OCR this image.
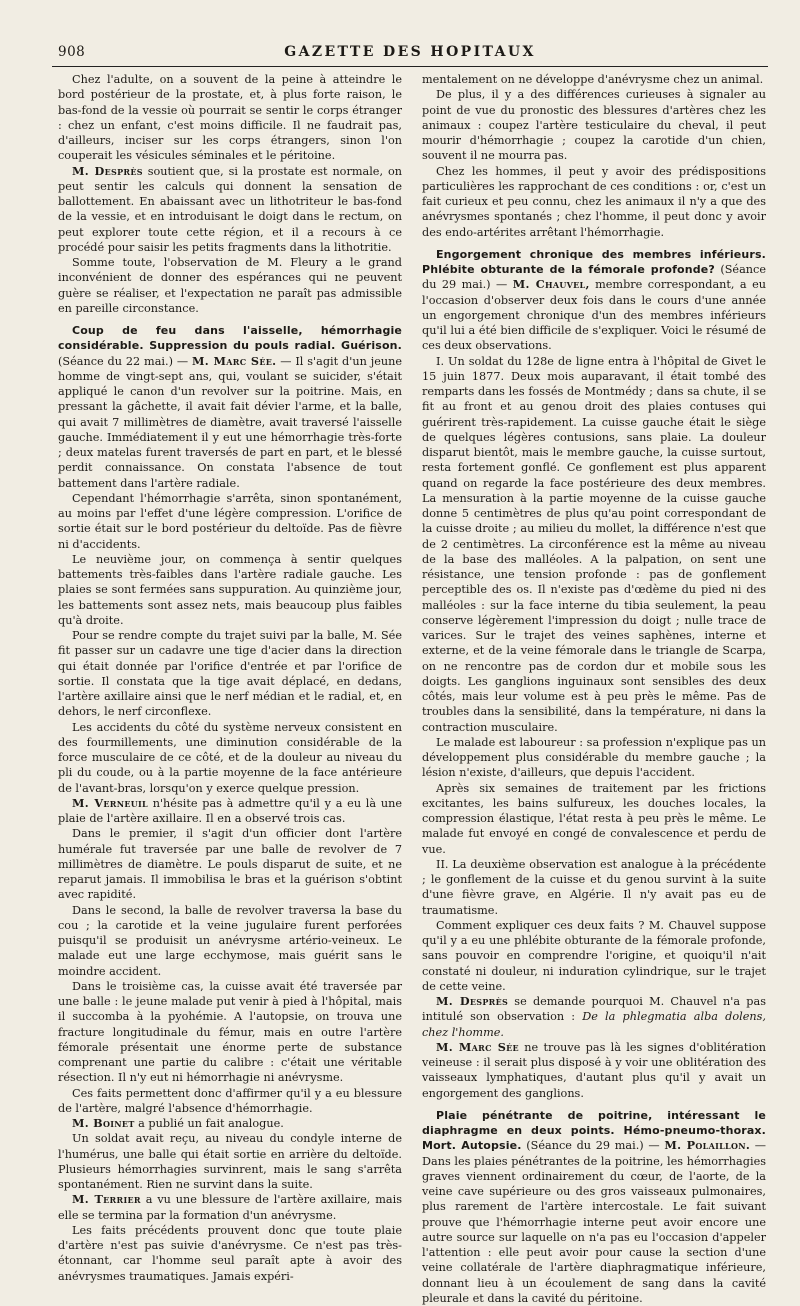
908	GAZETTE DES HOPITAUX

Chez l'adulte, on a souvent de la peine à atteindre le bord postérieur de la prostate, et, à plus forte raison, le bas-fond de la vessie où pourrait se sentir le corps étranger : chez un enfant, c'est moins difficile. Il ne faudrait pas, d'ailleurs, inciser sur les corps étrangers, sinon l'on couperait les vésicules séminales et le péritoine.

M. Desprès soutient que, si la prostate est normale, on peut sentir les calculs qui donnent la sensation de ballottement. En abaissant avec un lithotriteur le bas-fond de la vessie, et en introduisant le doigt dans le rectum, on peut explorer toute cette région, et il a recours à ce procédé pour saisir les petits fragments dans la lithotritie.

Somme toute, l'observation de M. Fleury a le grand inconvénient de donner des espérances qui ne peuvent guère se réaliser, et l'expectation ne paraît pas admissible en pareille circonstance.

Coup de feu dans l'aisselle, hémorrhagie considérable. Suppression du pouls radial. Guérison. (Séance du 22 mai.) — M. Marc Sée. — Il s'agit d'un jeune homme de vingt-sept ans, qui, voulant se suicider, s'était appliqué le canon d'un revolver sur la poitrine. Mais, en pressant la gâchette, il avait fait dévier l'arme, et la balle, qui avait 7 millimètres de diamètre, avait traversé l'aisselle gauche. Immédiatement il y eut une hémorrhagie très-forte ; deux matelas furent traversés de part en part, et le blessé perdit connaissance. On constata l'absence de tout battement dans l'artère radiale.

Cependant l'hémorrhagie s'arrêta, sinon spontanément, au moins par l'effet d'une légère compression. L'orifice de sortie était sur le bord postérieur du deltoïde. Pas de fièvre ni d'accidents.

Le neuvième jour, on commença à sentir quelques battements très-faibles dans l'artère radiale gauche. Les plaies se sont fermées sans suppuration. Au quinzième jour, les battements sont assez nets, mais beaucoup plus faibles qu'à droite.

Pour se rendre compte du trajet suivi par la balle, M. Sée fit passer sur un cadavre une tige d'acier dans la direction qui était donnée par l'orifice d'entrée et par l'orifice de sortie. Il constata que la tige avait déplacé, en dedans, l'artère axillaire ainsi que le nerf médian et le radial, et, en dehors, le nerf circonflexe.

Les accidents du côté du système nerveux consistent en des fourmillements, une diminution considérable de la force musculaire de ce côté, et de la douleur au niveau du pli du coude, ou à la partie moyenne de la face antérieure de l'avant-bras, lorsqu'on y exerce quelque pression.

M. Verneuil n'hésite pas à admettre qu'il y a eu là une plaie de l'artère axillaire. Il en a observé trois cas.

Dans le premier, il s'agit d'un officier dont l'artère humérale fut traversée par une balle de revolver de 7 millimètres de diamètre. Le pouls disparut de suite, et ne reparut jamais. Il immobilisa le bras et la guérison s'obtint avec rapidité.

Dans le second, la balle de revolver traversa la base du cou ; la carotide et la veine jugulaire furent perforées puisqu'il se produisit un anévrysme artério-veineux. Le malade eut une large ecchymose, mais guérit sans le moindre accident.

Dans le troisième cas, la cuisse avait été traversée par une balle : le jeune malade put venir à pied à l'hôpital, mais il succomba à la pyohémie. A l'autopsie, on trouva une fracture longitudinale du fémur, mais en outre l'artère fémorale présentait une énorme perte de substance comprenant une partie du calibre : c'était une véritable résection. Il n'y eut ni hémorrhagie ni anévrysme.

Ces faits permettent donc d'affirmer qu'il y a eu blessure de l'artère, malgré l'absence d'hémorrhagie.

M. Boinet a publié un fait analogue.

Un soldat avait reçu, au niveau du condyle interne de l'humérus, une balle qui était sortie en arrière du deltoïde. Plusieurs hémorrhagies survinrent, mais le sang s'arrêta spontanément. Rien ne survint dans la suite.

M. Terrier a vu une blessure de l'artère axillaire, mais elle se termina par la formation d'un anévrysme.

Les faits précédents prouvent donc que toute plaie d'artère n'est pas suivie d'anévrysme. Ce n'est pas très-étonnant, car l'homme seul paraît apte à avoir des anévrysmes traumatiques. Jamais expéri-

mentalement on ne développe d'anévrysme chez un animal.

De plus, il y a des différences curieuses à signaler au point de vue du pronostic des blessures d'artères chez les animaux : coupez l'artère testiculaire du cheval, il peut mourir d'hémorrhagie ; coupez la carotide d'un chien, souvent il ne mourra pas.

Chez les hommes, il peut y avoir des prédispositions particulières les rapprochant de ces conditions : or, c'est un fait curieux et peu connu, chez les animaux il n'y a que des anévrysmes spontanés ; chez l'homme, il peut donc y avoir des endo-artérites arrêtant l'hémorrhagie.

Engorgement chronique des membres inférieurs. Phlébite obturante de la fémorale profonde? (Séance du 29 mai.) — M. Chauvel, membre correspondant, a eu l'occasion d'observer deux fois dans le cours d'une année un engorgement chronique d'un des membres inférieurs qu'il lui a été bien difficile de s'expliquer. Voici le résumé de ces deux observations.

I. Un soldat du 128e de ligne entra à l'hôpital de Givet le 15 juin 1877. Deux mois auparavant, il était tombé des remparts dans les fossés de Montmédy ; dans sa chute, il se fit au front et au genou droit des plaies contuses qui guérirent très-rapidement. La cuisse gauche était le siège de quelques légères contusions, sans plaie. La douleur disparut bientôt, mais le membre gauche, la cuisse surtout, resta fortement gonflé. Ce gonflement est plus apparent quand on regarde la face postérieure des deux membres. La mensuration à la partie moyenne de la cuisse gauche donne 5 centimètres de plus qu'au point correspondant de la cuisse droite ; au milieu du mollet, la différence n'est que de 2 centimètres. La circonférence est la même au niveau de la base des malléoles. A la palpation, on sent une résistance, une tension profonde : pas de gonflement perceptible des os. Il n'existe pas d'œdème du pied ni des malléoles : sur la face interne du tibia seulement, la peau conserve légèrement l'impression du doigt ; nulle trace de varices. Sur le trajet des veines saphènes, interne et externe, et de la veine fémorale dans le triangle de Scarpa, on ne rencontre pas de cordon dur et mobile sous les doigts. Les ganglions inguinaux sont sensibles des deux côtés, mais leur volume est à peu près le même. Pas de troubles dans la sensibilité, dans la température, ni dans la contraction musculaire.

Le malade est laboureur : sa profession n'explique pas un développement plus considérable du membre gauche ; la lésion n'existe, d'ailleurs, que depuis l'accident.

Après six semaines de traitement par les frictions excitantes, les bains sulfureux, les douches locales, la compression élastique, l'état resta à peu près le même. Le malade fut envoyé en congé de convalescence et perdu de vue.

II. La deuxième observation est analogue à la précédente ; le gonflement de la cuisse et du genou survint à la suite d'une fièvre grave, en Algérie. Il n'y avait pas eu de traumatisme.

Comment expliquer ces deux faits ? M. Chauvel suppose qu'il y a eu une phlébite obturante de la fémorale profonde, sans pouvoir en comprendre l'origine, et quoiqu'il n'ait constaté ni douleur, ni induration cylindrique, sur le trajet de cette veine.

M. Desprès se demande pourquoi M. Chauvel n'a pas intitulé son observation : De la phlegmatia alba dolens, chez l'homme.

M. Marc Sée ne trouve pas là les signes d'oblitération veineuse : il serait plus disposé à y voir une oblitération des vaisseaux lymphatiques, d'autant plus qu'il y avait un engorgement des ganglions.

Plaie pénétrante de poitrine, intéressant le diaphragme en deux points. Hémo-pneumo-thorax. Mort. Autopsie. (Séance du 29 mai.) — M. Polaillon. — Dans les plaies pénétrantes de la poitrine, les hémorrhagies graves viennent ordinairement du cœur, de l'aorte, de la veine cave supérieure ou des gros vaisseaux pulmonaires, plus rarement de l'artère intercostale. Le fait suivant prouve que l'hémorrhagie interne peut avoir encore une autre source sur laquelle on n'a pas eu l'occasion d'appeler l'attention : elle peut avoir pour cause la section d'une veine collatérale de l'artère diaphragmatique inférieure, donnant lieu à un écoulement de sang dans la cavité pleurale et dans la cavité du péritoine.
